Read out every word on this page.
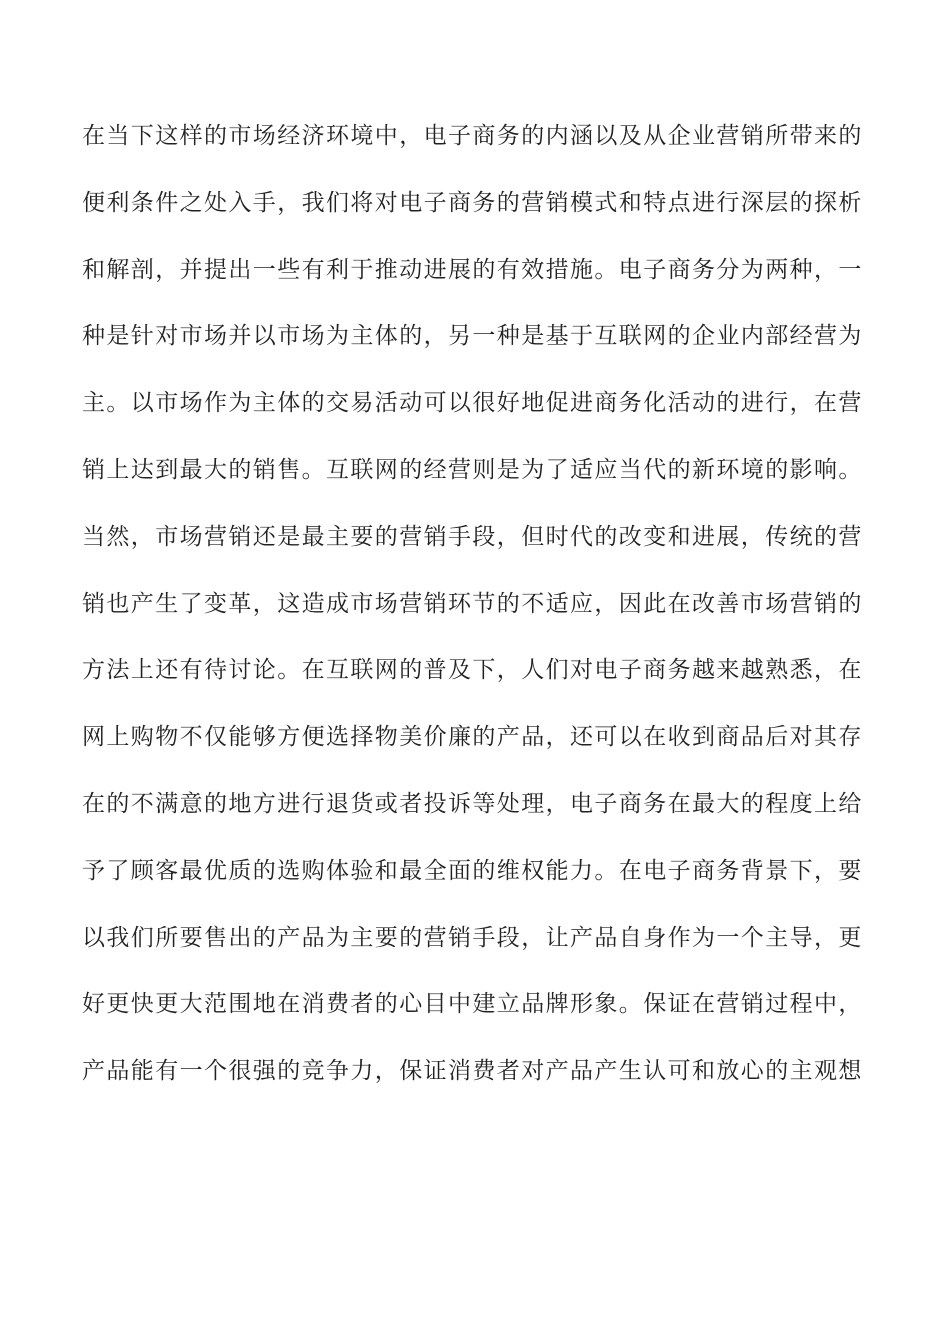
在当下这样的市场经济环境中，电子商务的内涵以及从企业营销所带来的
便利条件之处入手，我们将对电子商务的营销模式和特点进行深层的探析
和解剖，并提出一些有利于推动进展的有效措施。电子商务分为两种，一
种是针对市场并以市场为主体的，另一种是基于互联网的企业内部经营为
主。以市场作为主体的交易活动可以很好地促进商务化活动的进行，在营
销上达到最大的销售。互联网的经营则是为了适应当代的新环境的影响。
当然，市场营销还是最主要的营销手段，但时代的改变和进展，传统的营
销也产生了变革，这造成市场营销环节的不适应，因此在改善市场营销的
方法上还有待讨论。在互联网的普及下，人们对电子商务越来越熟悉，在
网上购物不仅能够方便选择物美价廉的产品，还可以在收到商品后对其存
在的不满意的地方进行退货或者投诉等处理，电子商务在最大的程度上给
予了顾客最优质的选购体验和最全面的维权能力。在电子商务背景下，要
以我们所要售出的产品为主要的营销手段，让产品自身作为一个主导，更
好更快更大范围地在消费者的心目中建立品牌形象。保证在营销过程中，
产品能有一个很强的竞争力，保证消费者对产品产生认可和放心的主观想
